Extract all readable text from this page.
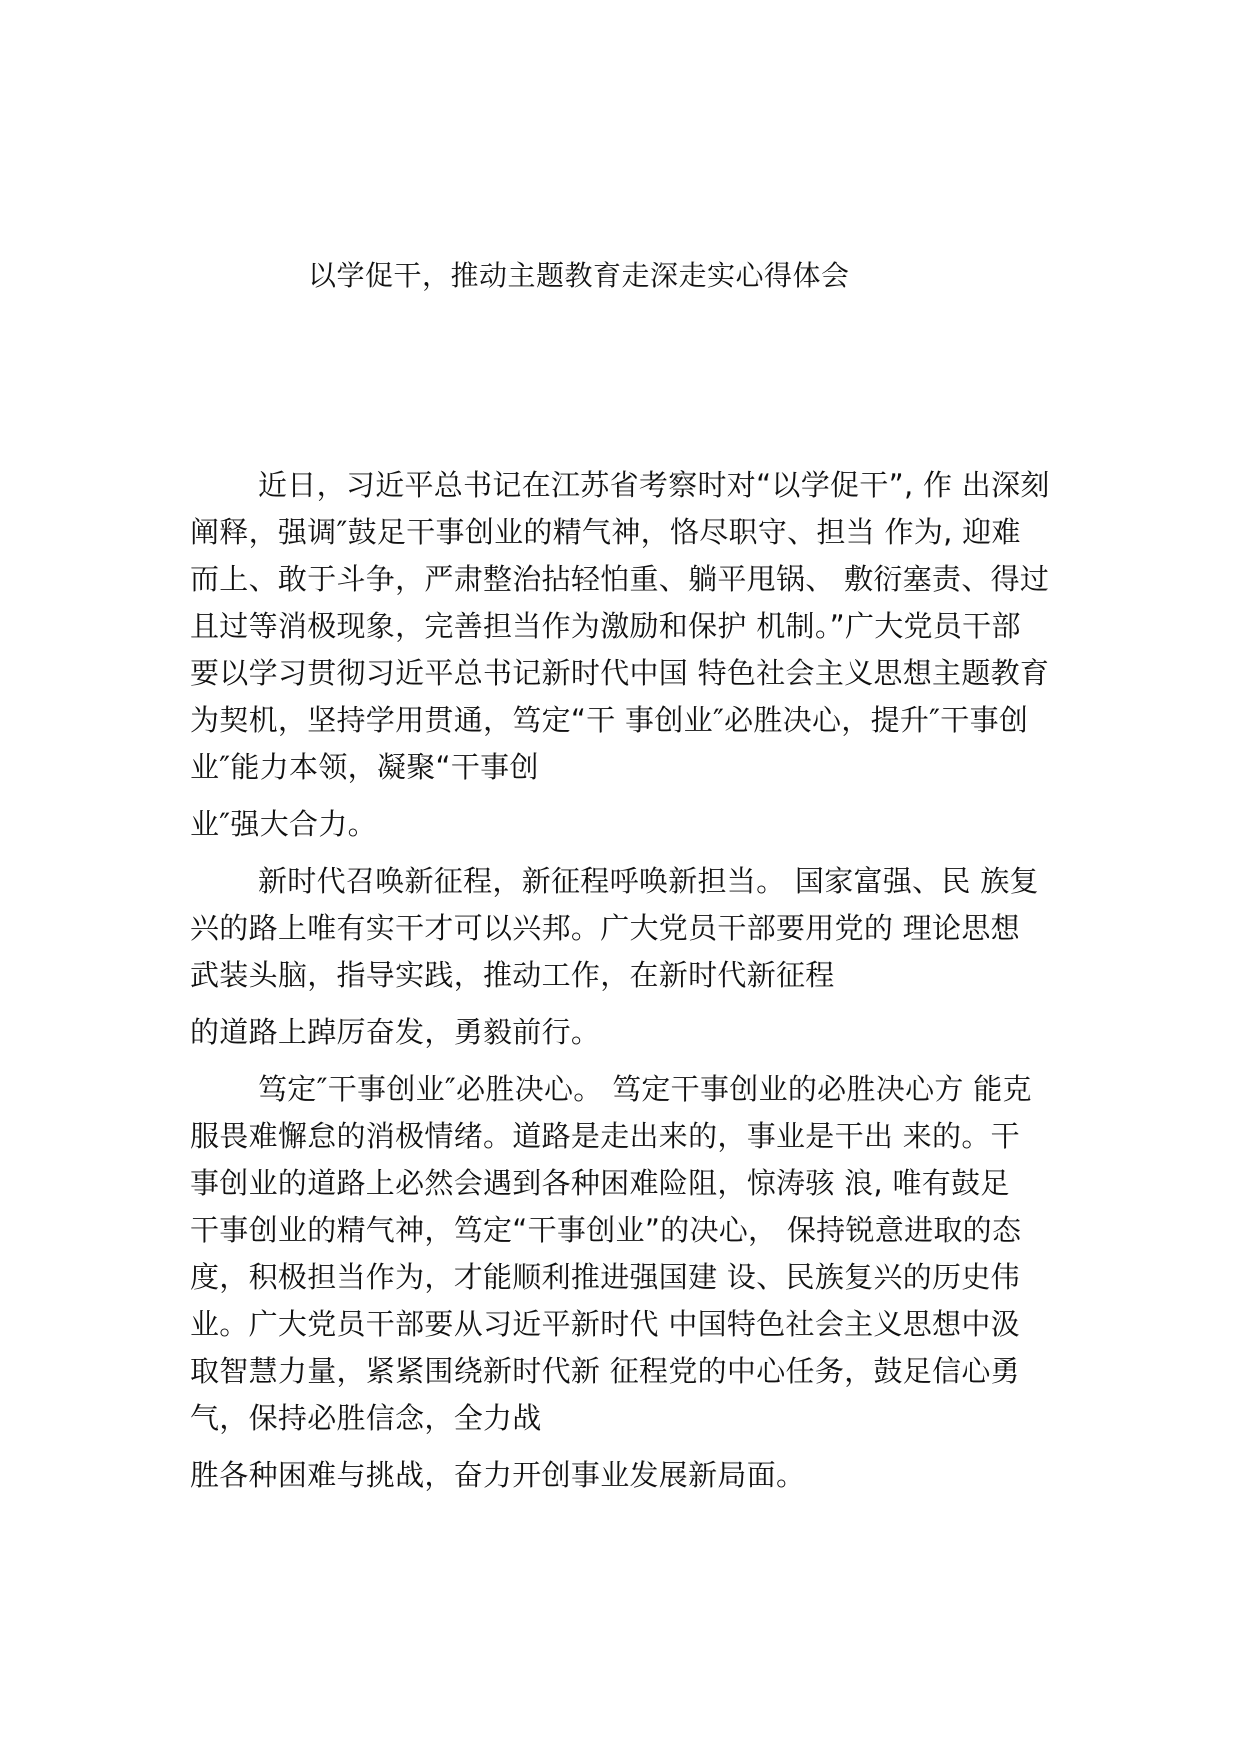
以学促干，推动主题教育走深走实心得体会
近日，习近平总书记在江苏省考察时对“以学促干”, 作 出深刻
阐释，强调″鼓足干事创业的精气神，恪尽职守、担当 作为, 迎难
而上、敢于斗争，严肃整治拈轻怕重、躺平甩锅、 敷衍塞责、得过
且过等消极现象，完善担当作为激励和保护 机制。”广大党员干部
要以学习贯彻习近平总书记新时代中国 特色社会主义思想主题教育
为契机，坚持学用贯通，笃定“干 事创业″必胜决心，提升″干事创
业″能力本领，凝聚“干事创
业″强大合力。
新时代召唤新征程，新征程呼唤新担当。 国家富强、民 族复
兴的路上唯有实干才可以兴邦。广大党员干部要用党的 理论思想
武装头脑，指导实践，推动工作，在新时代新征程
的道路上踔厉奋发，勇毅前行。
笃定″干事创业″必胜决心。 笃定干事创业的必胜决心方 能克
服畏难懈怠的消极情绪。道路是走出来的，事业是干出 来的。干
事创业的道路上必然会遇到各种困难险阻，惊涛骇 浪, 唯有鼓足
干事创业的精气神，笃定“干事创业”的决心， 保持锐意进取的态
度，积极担当作为，才能顺利推进强国建 设、民族复兴的历史伟
业。广大党员干部要从习近平新时代 中国特色社会主义思想中汲
取智慧力量，紧紧围绕新时代新 征程党的中心任务，鼓足信心勇
气，保持必胜信念，全力战
胜各种困难与挑战，奋力开创事业发展新局面。
